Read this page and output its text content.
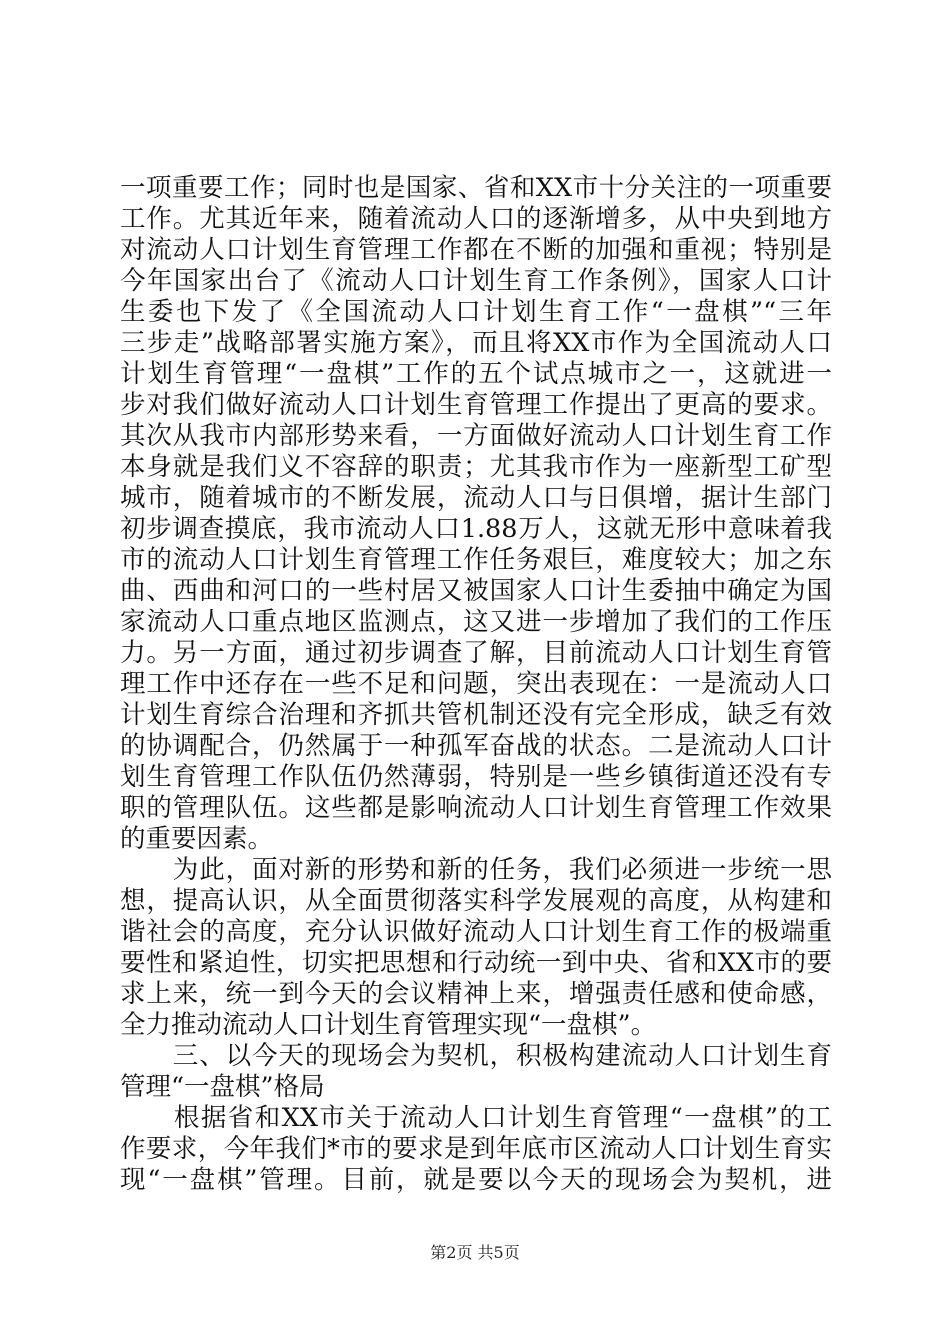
一项重要工作；同时也是国家、省和XX市十分关注的一项重要
工作。尤其近年来，随着流动人口的逐渐增多，从中央到地方
对流动人口计划生育管理工作都在不断的加强和重视；特别是
今年国家出台了《流动人口计划生育工作条例》，国家人口计
生委也下发了《全国流动人口计划生育工作“一盘棋”“三年
三步走”战略部署实施方案》，而且将XX市作为全国流动人口
计划生育管理“一盘棋”工作的五个试点城市之一，这就进一
步对我们做好流动人口计划生育管理工作提出了更高的要求。
其次从我市内部形势来看，一方面做好流动人口计划生育工作
本身就是我们义不容辞的职责；尤其我市作为一座新型工矿型
城市，随着城市的不断发展，流动人口与日俱增，据计生部门
初步调查摸底，我市流动人口1.88万人，这就无形中意味着我
市的流动人口计划生育管理工作任务艰巨，难度较大；加之东
曲、西曲和河口的一些村居又被国家人口计生委抽中确定为国
家流动人口重点地区监测点，这又进一步增加了我们的工作压
力。另一方面，通过初步调查了解，目前流动人口计划生育管
理工作中还存在一些不足和问题，突出表现在：一是流动人口
计划生育综合治理和齐抓共管机制还没有完全形成，缺乏有效
的协调配合，仍然属于一种孤军奋战的状态。二是流动人口计
划生育管理工作队伍仍然薄弱，特别是一些乡镇街道还没有专
职的管理队伍。这些都是影响流动人口计划生育管理工作效果
的重要因素。
　　为此，面对新的形势和新的任务，我们必须进一步统一思
想，提高认识，从全面贯彻落实科学发展观的高度，从构建和
谐社会的高度，充分认识做好流动人口计划生育工作的极端重
要性和紧迫性，切实把思想和行动统一到中央、省和XX市的要
求上来，统一到今天的会议精神上来，增强责任感和使命感，
全力推动流动人口计划生育管理实现“一盘棋”。
　　三、以今天的现场会为契机，积极构建流动人口计划生育
管理“一盘棋”格局
　　根据省和XX市关于流动人口计划生育管理“一盘棋”的工
作要求，今年我们*市的要求是到年底市区流动人口计划生育实
现“一盘棋”管理。目前，就是要以今天的现场会为契机，进
第2页 共5页
